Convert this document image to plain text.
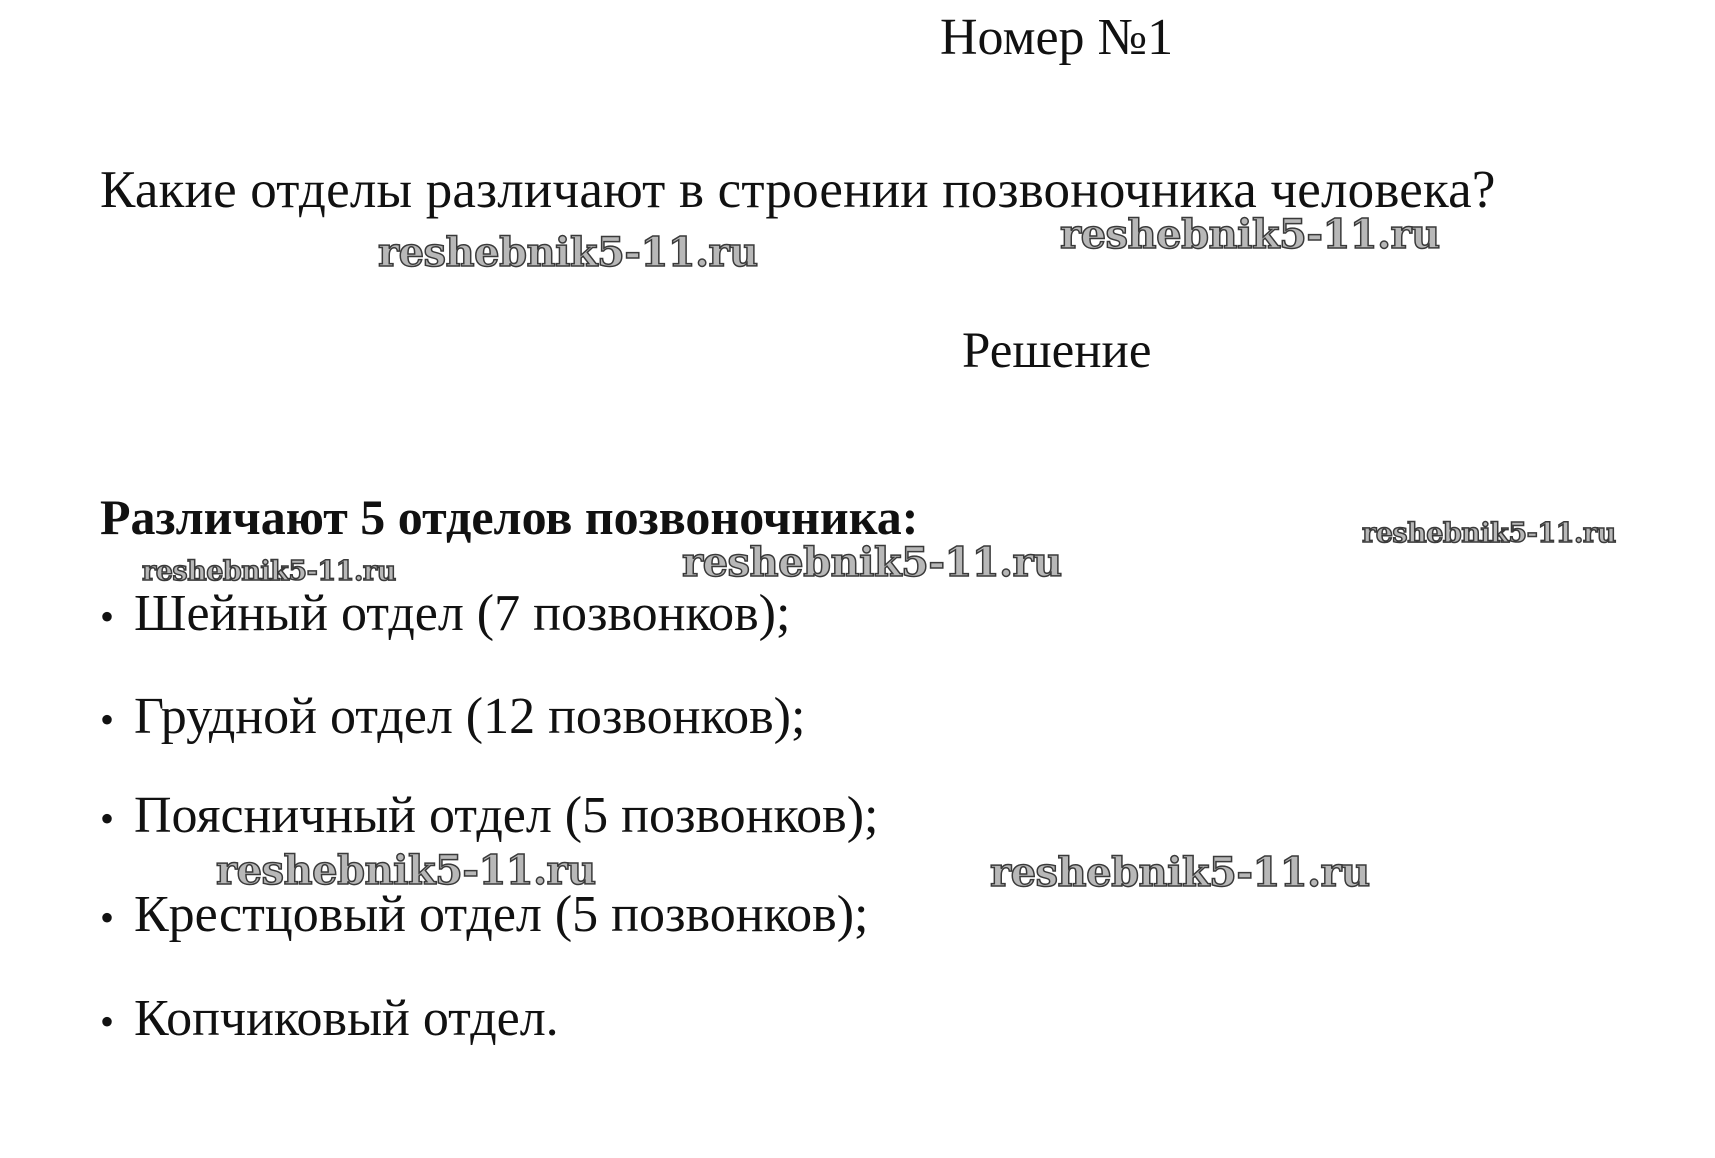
Номер №1
Какие отделы различают в строении позвоночника человека?
reshebnik5-11.ru	reshebnik5-11.ru
Решение
Различают 5 отделов позвоночника:	reshebnik5-11.ru
reshebnik5-11.ru	reshebnik5-11.ru
• Шейный отдел (7 позвонков);
• Грудной отдел (12 позвонков);
• Поясничный отдел (5 позвонков);
reshebnik5-11.ru	reshebnik5-11.ru
• Крестцовый отдел (5 позвонков);
• Копчиковый отдел.
